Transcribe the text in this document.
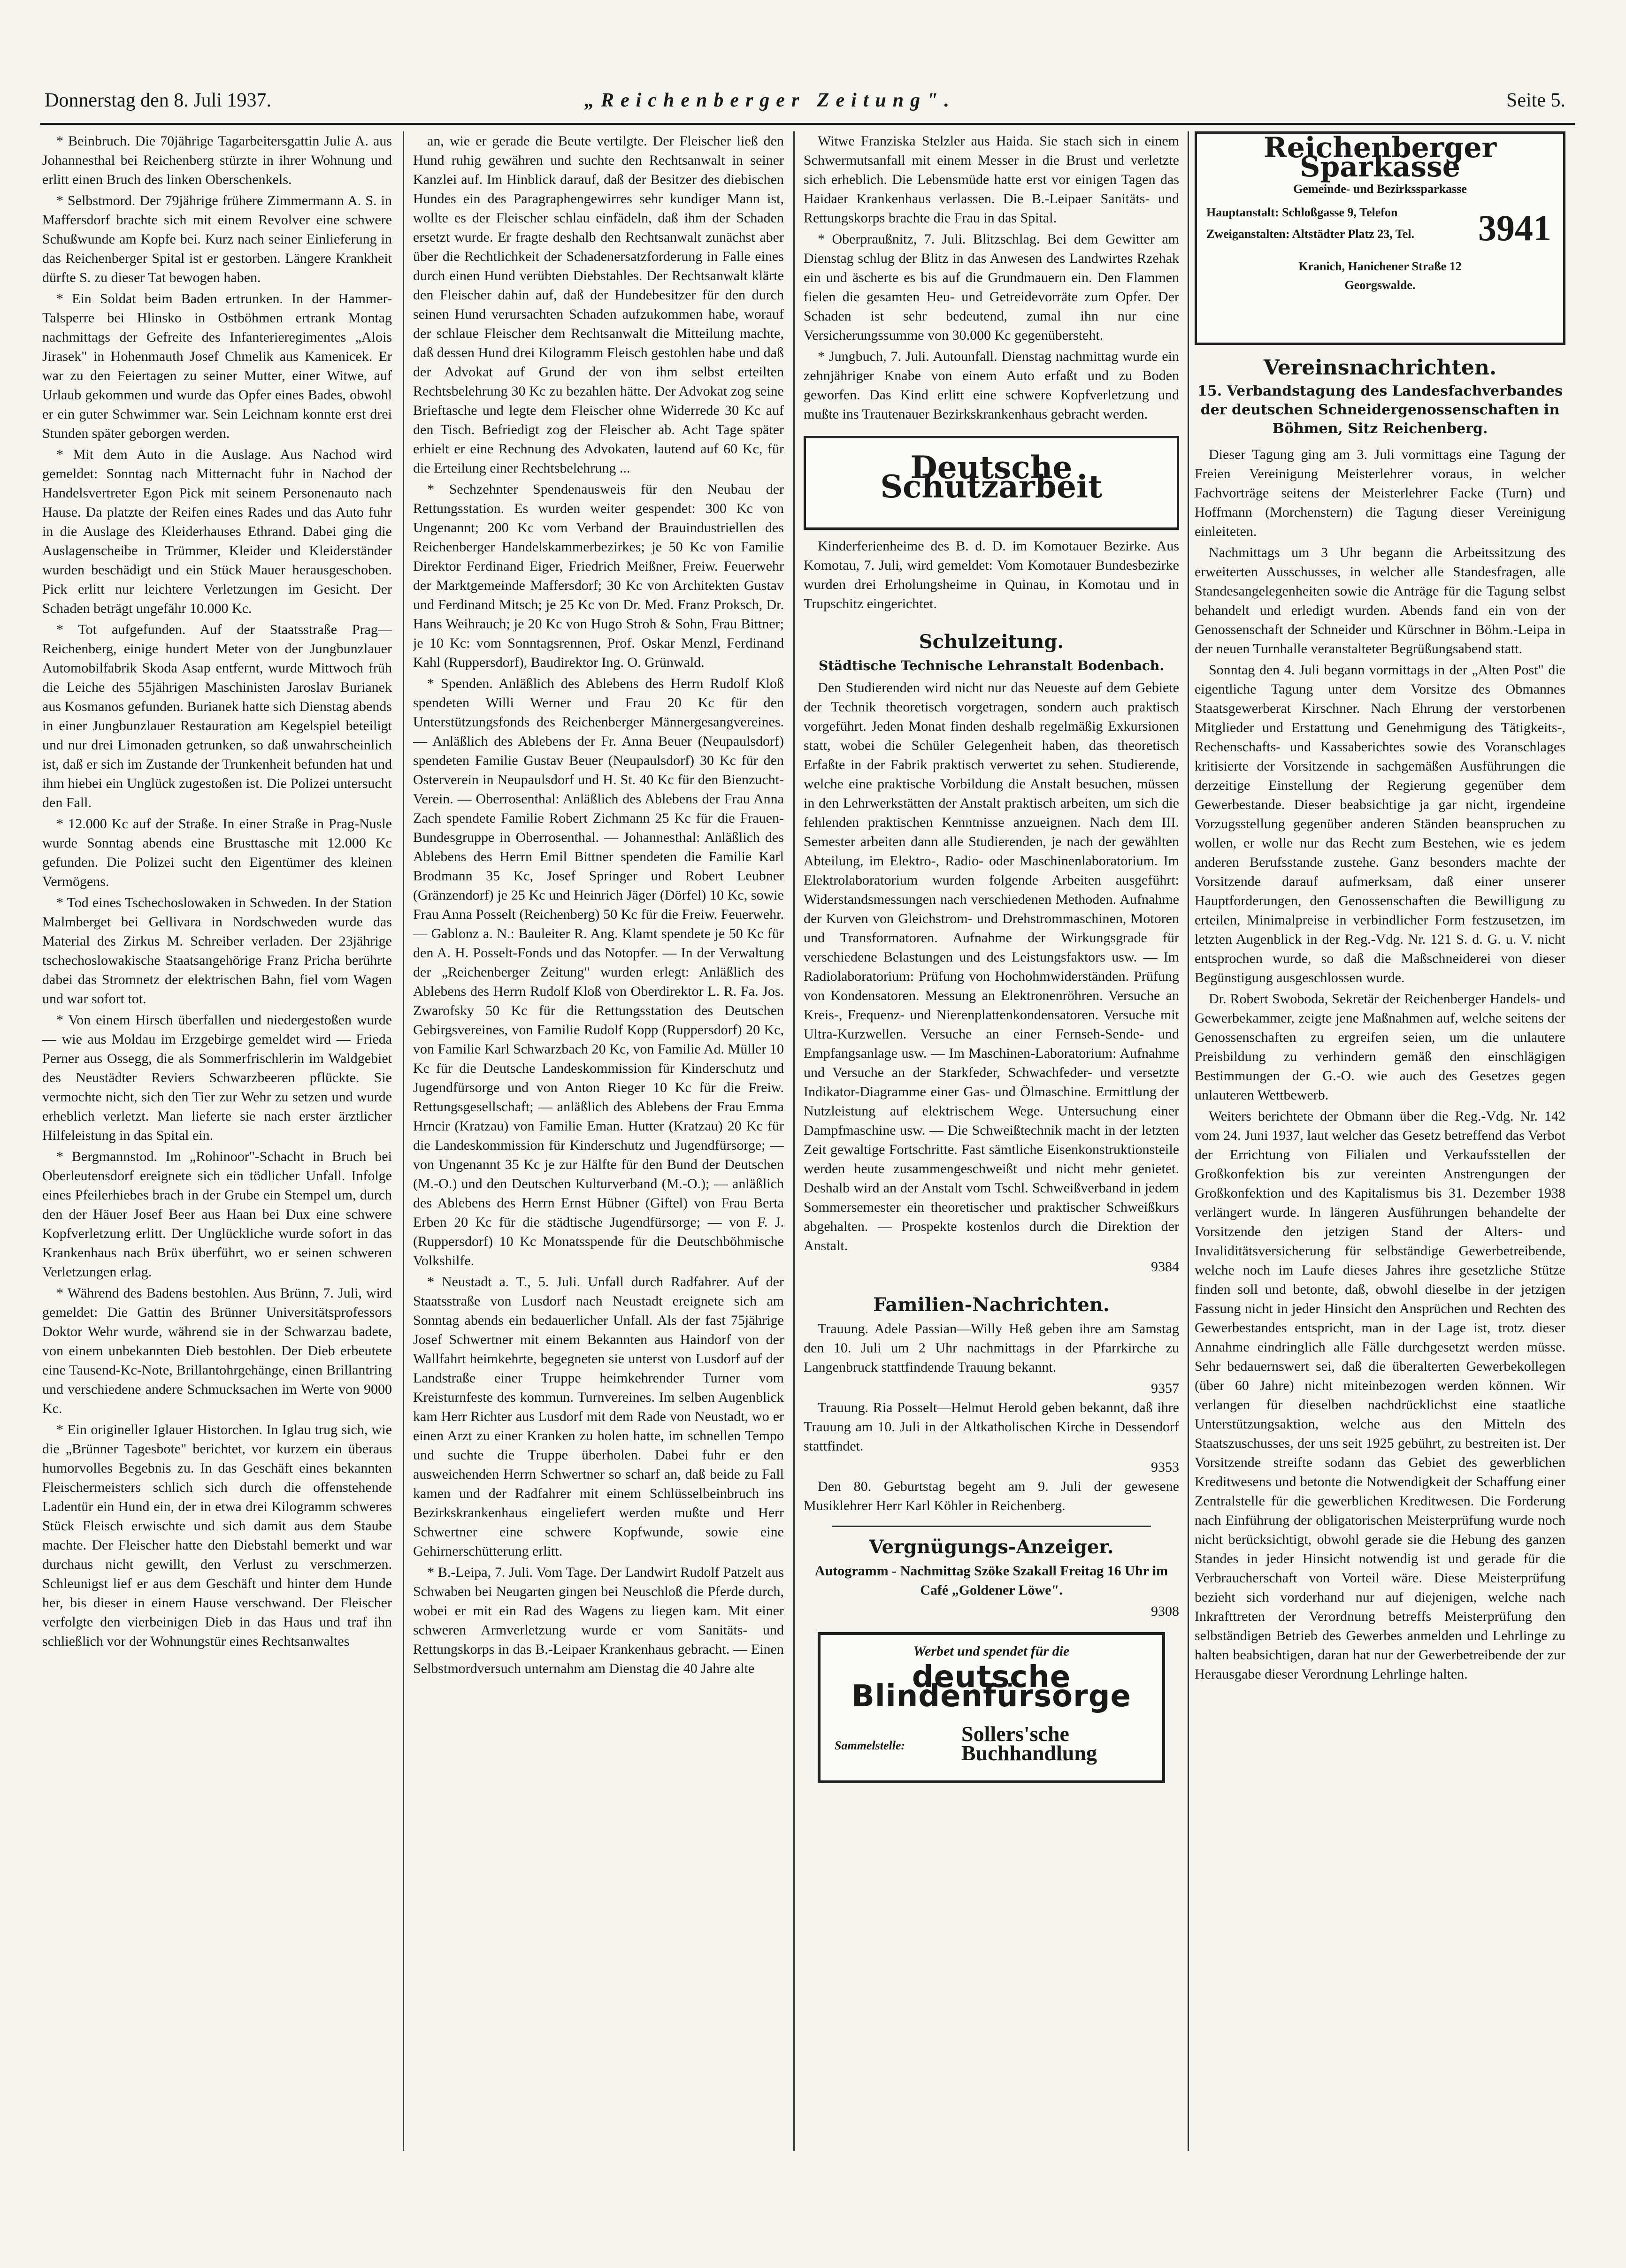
Donnerstag den 8. Juli 1937.	„Reichenberger Zeitung".	Seite 5.

* Beinbruch. Die 70jährige Tagarbeitersgattin Julie A. aus Johannesthal bei Reichenberg stürzte in ihrer Wohnung und erlitt einen Bruch des linken Oberschenkels.

* Selbstmord. Der 79jährige frühere Zimmermann A. S. in Maffersdorf brachte sich mit einem Revolver eine schwere Schußwunde am Kopfe bei. Kurz nach seiner Einlieferung in das Reichenberger Spital ist er gestorben. Längere Krankheit dürfte S. zu dieser Tat bewogen haben.

* Ein Soldat beim Baden ertrunken. In der Hammer-Talsperre bei Hlinsko in Ostböhmen ertrank Montag nachmittags der Gefreite des Infanterieregimentes „Alois Jirasek" in Hohenmauth Josef Chmelik aus Kamenicek. Er war zu den Feiertagen zu seiner Mutter, einer Witwe, auf Urlaub gekommen und wurde das Opfer eines Bades, obwohl er ein guter Schwimmer war. Sein Leichnam konnte erst drei Stunden später geborgen werden.

* Mit dem Auto in die Auslage. Aus Nachod wird gemeldet: Sonntag nach Mitternacht fuhr in Nachod der Handelsvertreter Egon Pick mit seinem Personenauto nach Hause. Da platzte der Reifen eines Rades und das Auto fuhr in die Auslage des Kleiderhauses Ethrand. Dabei ging die Auslagenscheibe in Trümmer, Kleider und Kleiderständer wurden beschädigt und ein Stück Mauer herausgeschoben. Pick erlitt nur leichtere Verletzungen im Gesicht. Der Schaden beträgt ungefähr 10.000 Kc.

* Tot aufgefunden. Auf der Staatsstraße Prag—Reichenberg, einige hundert Meter von der Jungbunzlauer Automobilfabrik Skoda Asap entfernt, wurde Mittwoch früh die Leiche des 55jährigen Maschinisten Jaroslav Burianek aus Kosmanos gefunden. Burianek hatte sich Dienstag abends in einer Jungbunzlauer Restauration am Kegelspiel beteiligt und nur drei Limonaden getrunken, so daß unwahrscheinlich ist, daß er sich im Zustande der Trunkenheit befunden hat und ihm hiebei ein Unglück zugestoßen ist. Die Polizei untersucht den Fall.

* 12.000 Kc auf der Straße. In einer Straße in Prag-Nusle wurde Sonntag abends eine Brusttasche mit 12.000 Kc gefunden. Die Polizei sucht den Eigentümer des kleinen Vermögens.

* Tod eines Tschechoslowaken in Schweden. In der Station Malmberget bei Gellivara in Nordschweden wurde das Material des Zirkus M. Schreiber verladen. Der 23jährige tschechoslowakische Staatsangehörige Franz Pricha berührte dabei das Stromnetz der elektrischen Bahn, fiel vom Wagen und war sofort tot.

* Von einem Hirsch überfallen und niedergestoßen wurde — wie aus Moldau im Erzgebirge gemeldet wird — Frieda Perner aus Ossegg, die als Sommerfrischlerin im Waldgebiet des Neustädter Reviers Schwarzbeeren pflückte. Sie vermochte nicht, sich den Tier zur Wehr zu setzen und wurde erheblich verletzt. Man lieferte sie nach erster ärztlicher Hilfeleistung in das Spital ein.

* Bergmannstod. Im „Rohinoor"-Schacht in Bruch bei Oberleutensdorf ereignete sich ein tödlicher Unfall. Infolge eines Pfeilerhiebes brach in der Grube ein Stempel um, durch den der Häuer Josef Beer aus Haan bei Dux eine schwere Kopfverletzung erlitt. Der Unglückliche wurde sofort in das Krankenhaus nach Brüx überführt, wo er seinen schweren Verletzungen erlag.

* Während des Badens bestohlen. Aus Brünn, 7. Juli, wird gemeldet: Die Gattin des Brünner Universitätsprofessors Doktor Wehr wurde, während sie in der Schwarzau badete, von einem unbekannten Dieb bestohlen. Der Dieb erbeutete eine Tausend-Kc-Note, Brillantohrgehänge, einen Brillantring und verschiedene andere Schmucksachen im Werte von 9000 Kc.

* Ein origineller Iglauer Historchen. In Iglau trug sich, wie die „Brünner Tagesbote" berichtet, vor kurzem ein überaus humorvolles Begebnis zu. In das Geschäft eines bekannten Fleischermeisters schlich sich durch die offenstehende Ladentür ein Hund ein, der in etwa drei Kilogramm schweres Stück Fleisch erwischte und sich damit aus dem Staube machte. Der Fleischer hatte den Diebstahl bemerkt und war durchaus nicht gewillt, den Verlust zu verschmerzen. Schleunigst lief er aus dem Geschäft und hinter dem Hunde her, bis dieser in einem Hause verschwand. Der Fleischer verfolgte den vierbeinigen Dieb in das Haus und traf ihn schließlich vor der Wohnungstür eines Rechtsanwaltes

an, wie er gerade die Beute vertilgte. Der Fleischer ließ den Hund ruhig gewähren und suchte den Rechtsanwalt in seiner Kanzlei auf. Im Hinblick darauf, daß der Besitzer des diebischen Hundes ein des Paragraphengewirres sehr kundiger Mann ist, wollte es der Fleischer schlau einfädeln, daß ihm der Schaden ersetzt wurde. Er fragte deshalb den Rechtsanwalt zunächst aber über die Rechtlichkeit der Schadenersatzforderung in Falle eines durch einen Hund verübten Diebstahles. Der Rechtsanwalt klärte den Fleischer dahin auf, daß der Hundebesitzer für den durch seinen Hund verursachten Schaden aufzukommen habe, worauf der schlaue Fleischer dem Rechtsanwalt die Mitteilung machte, daß dessen Hund drei Kilogramm Fleisch gestohlen habe und daß der Advokat auf Grund der von ihm selbst erteilten Rechtsbelehrung 30 Kc zu bezahlen hätte. Der Advokat zog seine Brieftasche und legte dem Fleischer ohne Widerrede 30 Kc auf den Tisch. Befriedigt zog der Fleischer ab. Acht Tage später erhielt er eine Rechnung des Advokaten, lautend auf 60 Kc, für die Erteilung einer Rechtsbelehrung ...

* Sechzehnter Spendenausweis für den Neubau der Rettungsstation. Es wurden weiter gespendet: 300 Kc von Ungenannt; 200 Kc vom Verband der Brauindustriellen des Reichenberger Handelskammerbezirkes; je 50 Kc von Familie Direktor Ferdinand Eiger, Friedrich Meißner, Freiw. Feuerwehr der Marktgemeinde Maffersdorf; 30 Kc von Architekten Gustav und Ferdinand Mitsch; je 25 Kc von Dr. Med. Franz Proksch, Dr. Hans Weihrauch; je 20 Kc von Hugo Stroh & Sohn, Frau Bittner; je 10 Kc: vom Sonntagsrennen, Prof. Oskar Menzl, Ferdinand Kahl (Ruppersdorf), Baudirektor Ing. O. Grünwald.

* Spenden. Anläßlich des Ablebens des Herrn Rudolf Kloß spendeten Willi Werner und Frau 20 Kc für den Unterstützungsfonds des Reichenberger Männergesangvereines. — Anläßlich des Ablebens der Fr. Anna Beuer (Neupaulsdorf) spendeten Familie Gustav Beuer (Neupaulsdorf) 30 Kc für den Osterverein in Neupaulsdorf und H. St. 40 Kc für den Bienzucht-Verein. — Oberrosenthal: Anläßlich des Ablebens der Frau Anna Zach spendete Familie Robert Zichmann 25 Kc für die Frauen-Bundesgruppe in Oberrosenthal. — Johannesthal: Anläßlich des Ablebens des Herrn Emil Bittner spendeten die Familie Karl Brodmann 35 Kc, Josef Springer und Robert Leubner (Gränzendorf) je 25 Kc und Heinrich Jäger (Dörfel) 10 Kc, sowie Frau Anna Posselt (Reichenberg) 50 Kc für die Freiw. Feuerwehr. — Gablonz a. N.: Bauleiter R. Ang. Klamt spendete je 50 Kc für den A. H. Posselt-Fonds und das Notopfer. — In der Verwaltung der „Reichenberger Zeitung" wurden erlegt: Anläßlich des Ablebens des Herrn Rudolf Kloß von Oberdirektor L. R. Fa. Jos. Zwarofsky 50 Kc für die Rettungsstation des Deutschen Gebirgsvereines, von Familie Rudolf Kopp (Ruppersdorf) 20 Kc, von Familie Karl Schwarzbach 20 Kc, von Familie Ad. Müller 10 Kc für die Deutsche Landeskommission für Kinderschutz und Jugendfürsorge und von Anton Rieger 10 Kc für die Freiw. Rettungsgesellschaft; — anläßlich des Ablebens der Frau Emma Hrncir (Kratzau) von Familie Eman. Hutter (Kratzau) 20 Kc für die Landeskommission für Kinderschutz und Jugendfürsorge; — von Ungenannt 35 Kc je zur Hälfte für den Bund der Deutschen (M.-O.) und den Deutschen Kulturverband (M.-O.); — anläßlich des Ablebens des Herrn Ernst Hübner (Giftel) von Frau Berta Erben 20 Kc für die städtische Jugendfürsorge; — von F. J. (Ruppersdorf) 10 Kc Monatsspende für die Deutschböhmische Volkshilfe.

* Neustadt a. T., 5. Juli. Unfall durch Radfahrer. Auf der Staatsstraße von Lusdorf nach Neustadt ereignete sich am Sonntag abends ein bedauerlicher Unfall. Als der fast 75jährige Josef Schwertner mit einem Bekannten aus Haindorf von der Wallfahrt heimkehrte, begegneten sie unterst von Lusdorf auf der Landstraße einer Truppe heimkehrender Turner vom Kreisturnfeste des kommun. Turnvereines. Im selben Augenblick kam Herr Richter aus Lusdorf mit dem Rade von Neustadt, wo er einen Arzt zu einer Kranken zu holen hatte, im schnellen Tempo und suchte die Truppe überholen. Dabei fuhr er den ausweichenden Herrn Schwertner so scharf an, daß beide zu Fall kamen und der Radfahrer mit einem Schlüsselbeinbruch ins Bezirkskrankenhaus eingeliefert werden mußte und Herr Schwertner eine schwere Kopfwunde, sowie eine Gehirnerschütterung erlitt.

* B.-Leipa, 7. Juli. Vom Tage. Der Landwirt Rudolf Patzelt aus Schwaben bei Neugarten gingen bei Neuschloß die Pferde durch, wobei er mit ein Rad des Wagens zu liegen kam. Mit einer schweren Armverletzung wurde er vom Sanitäts- und Rettungskorps in das B.-Leipaer Krankenhaus gebracht. — Einen Selbstmordversuch unternahm am Dienstag die 40 Jahre alte

Witwe Franziska Stelzler aus Haida. Sie stach sich in einem Schwermutsanfall mit einem Messer in die Brust und verletzte sich erheblich. Die Lebensmüde hatte erst vor einigen Tagen das Haidaer Krankenhaus verlassen. Die B.-Leipaer Sanitäts- und Rettungskorps brachte die Frau in das Spital.

* Oberpraußnitz, 7. Juli. Blitzschlag. Bei dem Gewitter am Dienstag schlug der Blitz in das Anwesen des Landwirtes Rzehak ein und äscherte es bis auf die Grundmauern ein. Den Flammen fielen die gesamten Heu- und Getreidevorräte zum Opfer. Der Schaden ist sehr bedeutend, zumal ihn nur eine Versicherungssumme von 30.000 Kc gegenübersteht.

* Jungbuch, 7. Juli. Autounfall. Dienstag nachmittag wurde ein zehnjähriger Knabe von einem Auto erfaßt und zu Boden geworfen. Das Kind erlitt eine schwere Kopfverletzung und mußte ins Trautenauer Bezirkskrankenhaus gebracht werden.

Deutsche Schutzarbeit

Kinderferienheime des B. d. D. im Komotauer Bezirke. Aus Komotau, 7. Juli, wird gemeldet: Vom Komotauer Bundesbezirke wurden drei Erholungsheime in Quinau, in Komotau und in Trupschitz eingerichtet.

Schulzeitung.
Städtische Technische Lehranstalt Bodenbach.

Den Studierenden wird nicht nur das Neueste auf dem Gebiete der Technik theoretisch vorgetragen, sondern auch praktisch vorgeführt. Jeden Monat finden deshalb regelmäßig Exkursionen statt, wobei die Schüler Gelegenheit haben, das theoretisch Erfaßte in der Fabrik praktisch verwertet zu sehen. Studierende, welche eine praktische Vorbildung die Anstalt besuchen, müssen in den Lehrwerkstätten der Anstalt praktisch arbeiten, um sich die fehlenden praktischen Kenntnisse anzueignen. Nach dem III. Semester arbeiten dann alle Studierenden, je nach der gewählten Abteilung, im Elektro-, Radio- oder Maschinenlaboratorium. Im Elektrolaboratorium wurden folgende Arbeiten ausgeführt: Widerstandsmessungen nach verschiedenen Methoden. Aufnahme der Kurven von Gleichstrom- und Drehstrommaschinen, Motoren und Transformatoren. Aufnahme der Wirkungsgrade für verschiedene Belastungen und des Leistungsfaktors usw. — Im Radiolaboratorium: Prüfung von Hochohmwiderständen. Prüfung von Kondensatoren. Messung an Elektronenröhren. Versuche an Kreis-, Frequenz- und Nierenplattenkondensatoren. Versuche mit Ultra-Kurzwellen. Versuche an einer Fernseh-Sende- und Empfangsanlage usw. — Im Maschinen-Laboratorium: Aufnahme und Versuche an der Starkfeder, Schwachfeder- und versetzte Indikator-Diagramme einer Gas- und Ölmaschine. Ermittlung der Nutzleistung auf elektrischem Wege. Untersuchung einer Dampfmaschine usw. — Die Schweißtechnik macht in der letzten Zeit gewaltige Fortschritte. Fast sämtliche Eisenkonstruktionsteile werden heute zusammengeschweißt und nicht mehr genietet. Deshalb wird an der Anstalt vom Tschl. Schweißverband in jedem Sommersemester ein theoretischer und praktischer Schweißkurs abgehalten. — Prospekte kostenlos durch die Direktion der Anstalt.

9384
Familien-Nachrichten.

Trauung. Adele Passian—Willy Heß geben ihre am Samstag den 10. Juli um 2 Uhr nachmittags in der Pfarrkirche zu Langenbruck stattfindende Trauung bekannt.

9357

Trauung. Ria Posselt—Helmut Herold geben bekannt, daß ihre Trauung am 10. Juli in der Altkatholischen Kirche in Dessendorf stattfindet.

9353

Den 80. Geburtstag begeht am 9. Juli der gewesene Musiklehrer Herr Karl Köhler in Reichenberg.

Vergnügungs-Anzeiger.

Autogramm - Nachmittag Szöke Szakall Freitag 16 Uhr im Café „Goldener Löwe".

9308
Werbet und spendet für die
deutsche Blindenfürsorge
Sammelstelle:	Sollers'sche Buchhandlung
Reichenberger Sparkasse
Gemeinde- und Bezirkssparkasse
Hauptanstalt: Schloßgasse 9, Telefon
Zweiganstalten: Altstädter Platz 23, Tel.	3941
Kranich, Hanichener Straße 12
Georgswalde.
Vereinsnachrichten.
15. Verbandstagung des Landesfachverbandes der deutschen Schneidergenossenschaften in Böhmen, Sitz Reichenberg.

Dieser Tagung ging am 3. Juli vormittags eine Tagung der Freien Vereinigung Meisterlehrer voraus, in welcher Fachvorträge seitens der Meisterlehrer Facke (Turn) und Hoffmann (Morchenstern) die Tagung dieser Vereinigung einleiteten.

Nachmittags um 3 Uhr begann die Arbeitssitzung des erweiterten Ausschusses, in welcher alle Standesfragen, alle Standesangelegenheiten sowie die Anträge für die Tagung selbst behandelt und erledigt wurden. Abends fand ein von der Genossenschaft der Schneider und Kürschner in Böhm.-Leipa in der neuen Turnhalle veranstalteter Begrüßungsabend statt.

Sonntag den 4. Juli begann vormittags in der „Alten Post" die eigentliche Tagung unter dem Vorsitze des Obmannes Staatsgewerberat Kirschner. Nach Ehrung der verstorbenen Mitglieder und Erstattung und Genehmigung des Tätigkeits-, Rechenschafts- und Kassaberichtes sowie des Voranschlages kritisierte der Vorsitzende in sachgemäßen Ausführungen die derzeitige Einstellung der Regierung gegenüber dem Gewerbestande. Dieser beabsichtige ja gar nicht, irgendeine Vorzugsstellung gegenüber anderen Ständen beanspruchen zu wollen, er wolle nur das Recht zum Bestehen, wie es jedem anderen Berufsstande zustehe. Ganz besonders machte der Vorsitzende darauf aufmerksam, daß einer unserer Hauptforderungen, den Genossenschaften die Bewilligung zu erteilen, Minimalpreise in verbindlicher Form festzusetzen, im letzten Augenblick in der Reg.-Vdg. Nr. 121 S. d. G. u. V. nicht entsprochen wurde, so daß die Maßschneiderei von dieser Begünstigung ausgeschlossen wurde.

Dr. Robert Swoboda, Sekretär der Reichenberger Handels- und Gewerbekammer, zeigte jene Maßnahmen auf, welche seitens der Genossenschaften zu ergreifen seien, um die unlautere Preisbildung zu verhindern gemäß den einschlägigen Bestimmungen der G.-O. wie auch des Gesetzes gegen unlauteren Wettbewerb.

Weiters berichtete der Obmann über die Reg.-Vdg. Nr. 142 vom 24. Juni 1937, laut welcher das Gesetz betreffend das Verbot der Errichtung von Filialen und Verkaufsstellen der Großkonfektion bis zur vereinten Anstrengungen der Großkonfektion und des Kapitalismus bis 31. Dezember 1938 verlängert wurde. In längeren Ausführungen behandelte der Vorsitzende den jetzigen Stand der Alters- und Invaliditätsversicherung für selbständige Gewerbetreibende, welche noch im Laufe dieses Jahres ihre gesetzliche Stütze finden soll und betonte, daß, obwohl dieselbe in der jetzigen Fassung nicht in jeder Hinsicht den Ansprüchen und Rechten des Gewerbestandes entspricht, man in der Lage ist, trotz dieser Annahme eindringlich alle Fälle durchgesetzt werden müsse. Sehr bedauernswert sei, daß die überalterten Gewerbekollegen (über 60 Jahre) nicht miteinbezogen werden können. Wir verlangen für dieselben nachdrücklichst eine staatliche Unterstützungsaktion, welche aus den Mitteln des Staatszuschusses, der uns seit 1925 gebührt, zu bestreiten ist. Der Vorsitzende streifte sodann das Gebiet des gewerblichen Kreditwesens und betonte die Notwendigkeit der Schaffung einer Zentralstelle für die gewerblichen Kreditwesen. Die Forderung nach Einführung der obligatorischen Meisterprüfung wurde noch nicht berücksichtigt, obwohl gerade sie die Hebung des ganzen Standes in jeder Hinsicht notwendig ist und gerade für die Verbraucherschaft von Vorteil wäre. Diese Meisterprüfung bezieht sich vorderhand nur auf diejenigen, welche nach Inkrafttreten der Verordnung betreffs Meisterprüfung den selbständigen Betrieb des Gewerbes anmelden und Lehrlinge zu halten beabsichtigen, daran hat nur der Gewerbetreibende der zur Herausgabe dieser Verordnung Lehrlinge halten.
